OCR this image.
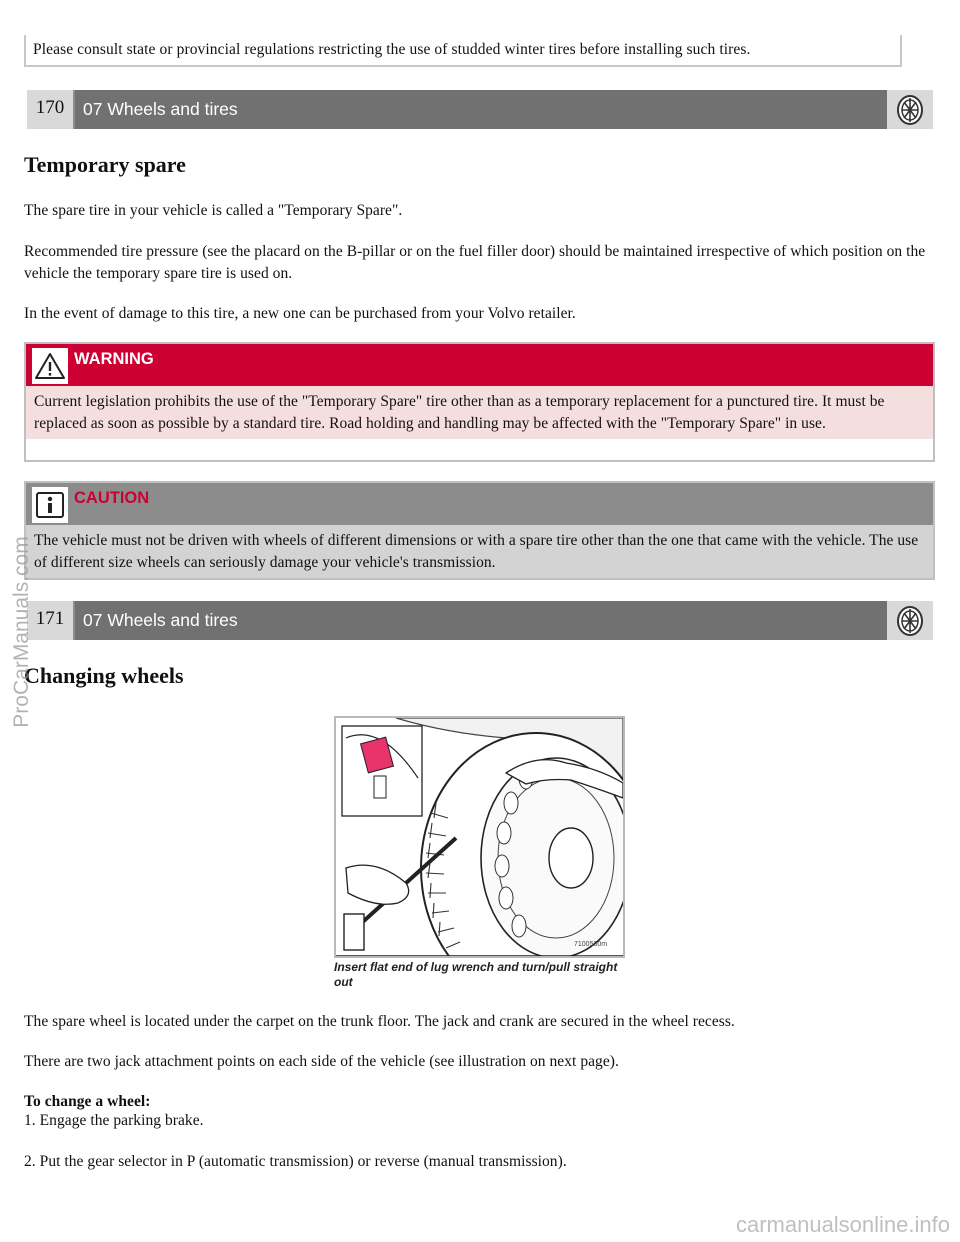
Please consult state or provincial regulations restricting the use of studded winter tires before installing such tires.
170	07 Wheels and tires
Temporary spare
The spare tire in your vehicle is called a "Temporary Spare".
Recommended tire pressure (see the placard on the B-pillar or on the fuel filler door) should be maintained irrespective of which position on the vehicle the temporary spare tire is used on.
In the event of damage to this tire, a new one can be purchased from your Volvo retailer.
WARNING
Current legislation prohibits the use of the "Temporary Spare" tire other than as a temporary replacement for a punctured tire. It must be replaced as soon as possible by a standard tire. Road holding and handling may be affected with the "Temporary Spare" in use.
CAUTION
The vehicle must not be driven with wheels of different dimensions or with a spare tire other than the one that came with the vehicle. The use of different size wheels can seriously damage your vehicle's transmission.
171	07 Wheels and tires
Changing wheels
7100530m
Insert flat end of lug wrench and turn/pull straight out
The spare wheel is located under the carpet on the trunk floor. The jack and crank are secured in the wheel recess.
There are two jack attachment points on each side of the vehicle (see illustration on next page).
To change a wheel:
1. Engage the parking brake.
2. Put the gear selector in P (automatic transmission) or reverse (manual transmission).
ProCarManuals.com
carmanualsonline.info
